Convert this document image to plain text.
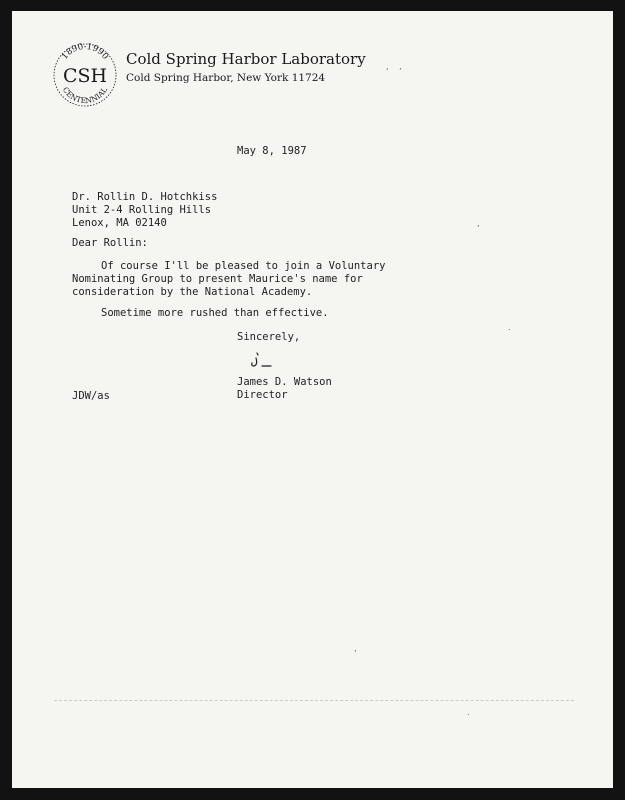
1890-1990
CSH
CENTENNIAL
Cold Spring Harbor Laboratory
Cold Spring Harbor, New York 11724
‘ ’
’
.
’
.
May 8, 1987
Dr. Rollin D. Hotchkiss
Unit 2-4 Rolling Hills
Lenox, MA 02140
Dear Rollin:
Of course I'll be pleased to join a Voluntary
Nominating Group to present Maurice's name for
consideration by the National Academy.
Sometime more rushed than effective.
Sincerely,
James D. Watson
Director
JDW/as
